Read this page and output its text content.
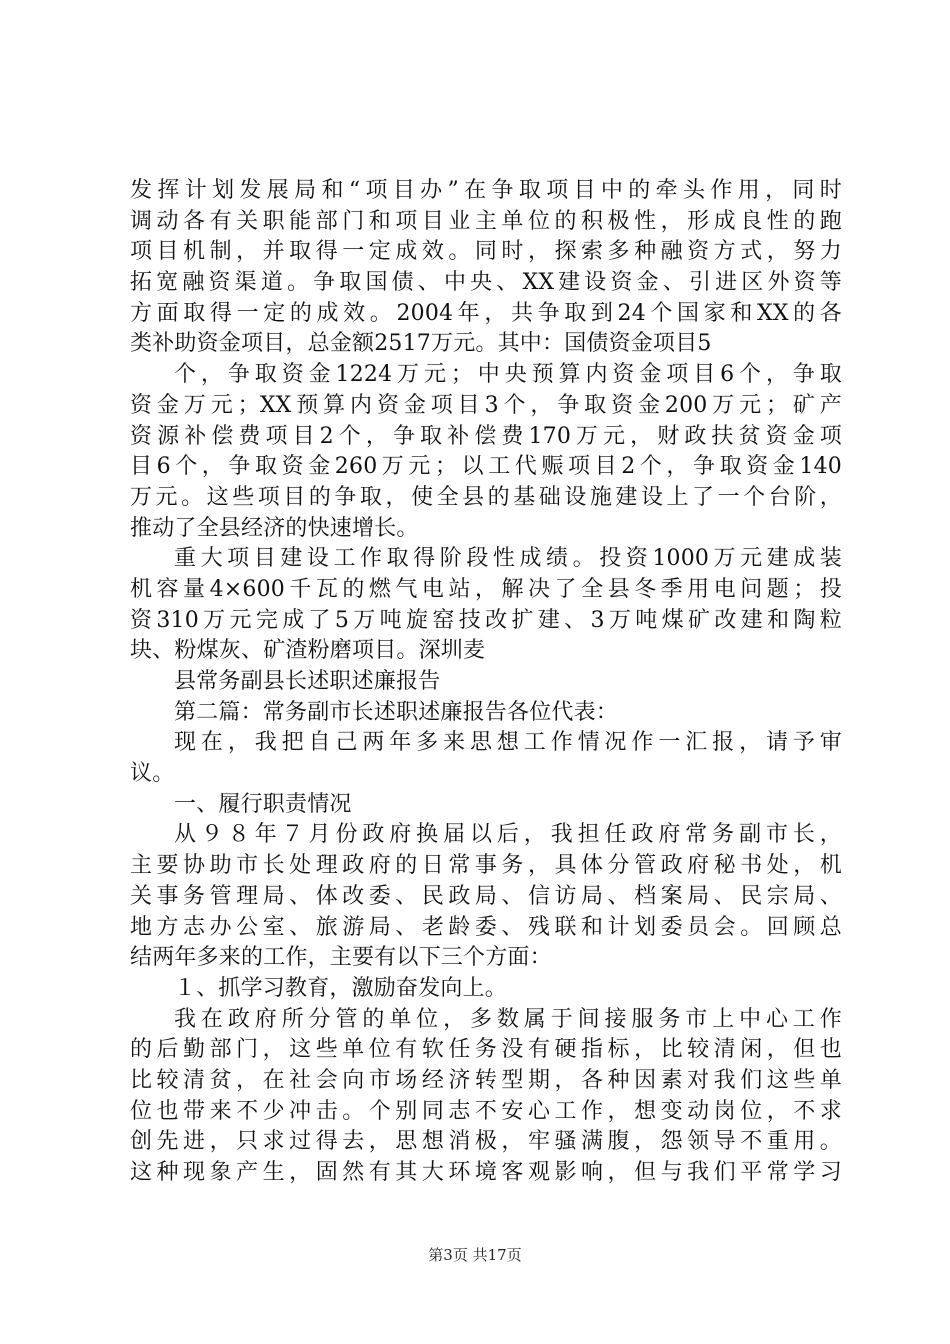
发挥计划发展局和“项目办”在争取项目中的牵头作用，同时
调动各有关职能部门和项目业主单位的积极性，形成良性的跑
项目机制，并取得一定成效。同时，探索多种融资方式，努力
拓宽融资渠道。争取国债、中央、XX建设资金、引进区外资等
方面取得一定的成效。2004年，共争取到24个国家和XX的各
类补助资金项目，总金额2517万元。其中：国债资金项目5
个，争取资金1224万元；中央预算内资金项目6个，争取
资金万元；XX预算内资金项目3个，争取资金200万元；矿产
资源补偿费项目2个，争取补偿费170万元，财政扶贫资金项
目6个，争取资金260万元；以工代赈项目2个，争取资金140
万元。这些项目的争取，使全县的基础设施建设上了一个台阶，
推动了全县经济的快速增长。
重大项目建设工作取得阶段性成绩。投资1000万元建成装
机容量4×600千瓦的燃气电站，解决了全县冬季用电问题；投
资310万元完成了5万吨旋窑技改扩建、3万吨煤矿改建和陶粒
块、粉煤灰、矿渣粉磨项目。深圳麦
县常务副县长述职述廉报告
第二篇：常务副市长述职述廉报告各位代表：
现在，我把自己两年多来思想工作情况作一汇报，请予审
议。
一、履行职责情况
从９８年７月份政府换届以后，我担任政府常务副市长，
主要协助市长处理政府的日常事务，具体分管政府秘书处，机
关事务管理局、体改委、民政局、信访局、档案局、民宗局、
地方志办公室、旅游局、老龄委、残联和计划委员会。回顾总
结两年多来的工作，主要有以下三个方面：
１、抓学习教育，激励奋发向上。
我在政府所分管的单位，多数属于间接服务市上中心工作
的后勤部门，这些单位有软任务没有硬指标，比较清闲，但也
比较清贫，在社会向市场经济转型期，各种因素对我们这些单
位也带来不少冲击。个别同志不安心工作，想变动岗位，不求
创先进，只求过得去，思想消极，牢骚满腹，怨领导不重用。
这种现象产生，固然有其大环境客观影响，但与我们平常学习
第3页 共17页
